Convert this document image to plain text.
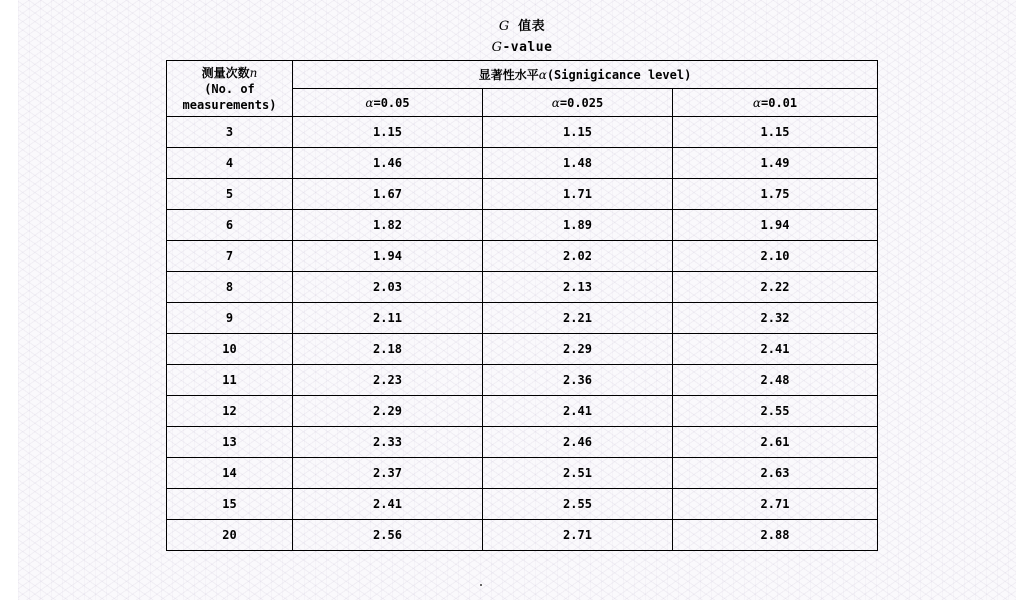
G 值表
G-value
测量次数n
(No. of
measurements)	显著性水平α(Signigicance level)		
	α=0.05	α=0.025	α=0.01
3	1.15	1.15	1.15
4	1.46	1.48	1.49
5	1.67	1.71	1.75
6	1.82	1.89	1.94
7	1.94	2.02	2.10
8	2.03	2.13	2.22
9	2.11	2.21	2.32
10	2.18	2.29	2.41
11	2.23	2.36	2.48
12	2.29	2.41	2.55
13	2.33	2.46	2.61
14	2.37	2.51	2.63
15	2.41	2.55	2.71
20	2.56	2.71	2.88
